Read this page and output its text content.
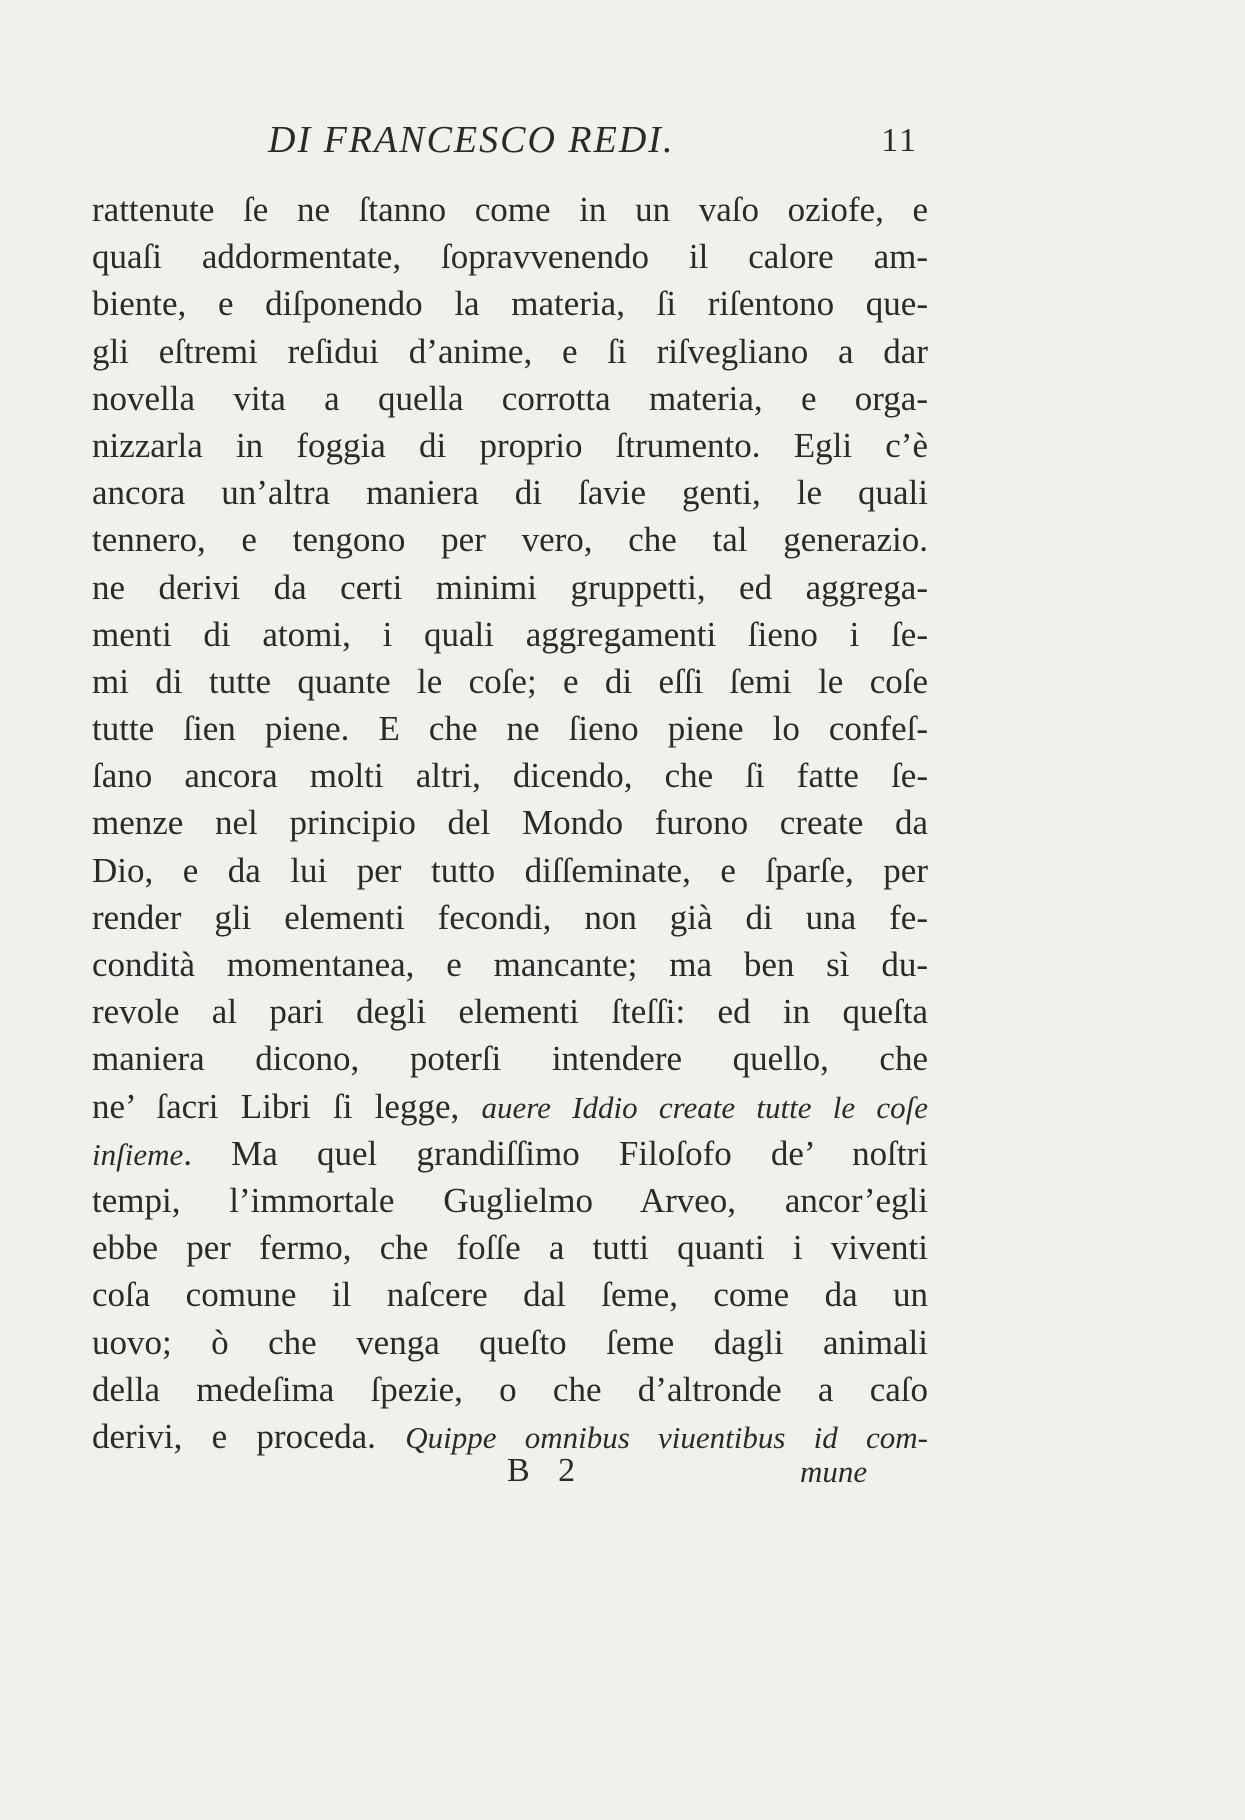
DI FRANCESCO REDI.	11
rattenute ſe ne ſtanno come in un vaſo oziofe, e
quaſi addormentate, ſopravvenendo il calore am-
biente, e diſponendo la materia, ſi riſentono que-
gli eſtremi reſidui d’anime, e ſi riſvegliano a dar
novella vita a quella corrotta materia, e orga-
nizzarla in foggia di proprio ſtrumento. Egli c’è
ancora un’altra maniera di ſavie genti, le quali
tennero, e tengono per vero, che tal generazio.
ne derivi da certi minimi gruppetti, ed aggrega-
menti di atomi, i quali aggregamenti ſieno i ſe-
mi di tutte quante le coſe; e di eſſi ſemi le coſe
tutte ſien piene. E che ne ſieno piene lo confeſ-
ſano ancora molti altri, dicendo, che ſi fatte ſe-
menze nel principio del Mondo furono create da
Dio, e da lui per tutto diſſeminate, e ſparſe, per
render gli elementi fecondi, non già di una fe-
condità momentanea, e mancante; ma ben sì du-
revole al pari degli elementi ſteſſi: ed in queſta
maniera dicono, poterſi intendere quello, che
ne’ ſacri Libri ſi legge, auere Iddio create tutte le coſe
inſieme. Ma quel grandiſſimo Filoſofo de’ noſtri
tempi, l’immortale Guglielmo Arveo, ancor’egli
ebbe per fermo, che foſſe a tutti quanti i viventi
coſa comune il naſcere dal ſeme, come da un
uovo; ò che venga queſto ſeme dagli animali
della medeſima ſpezie, o che d’altronde a caſo
derivi, e proceda. Quippe omnibus viuentibus id com-
B 2	mune
